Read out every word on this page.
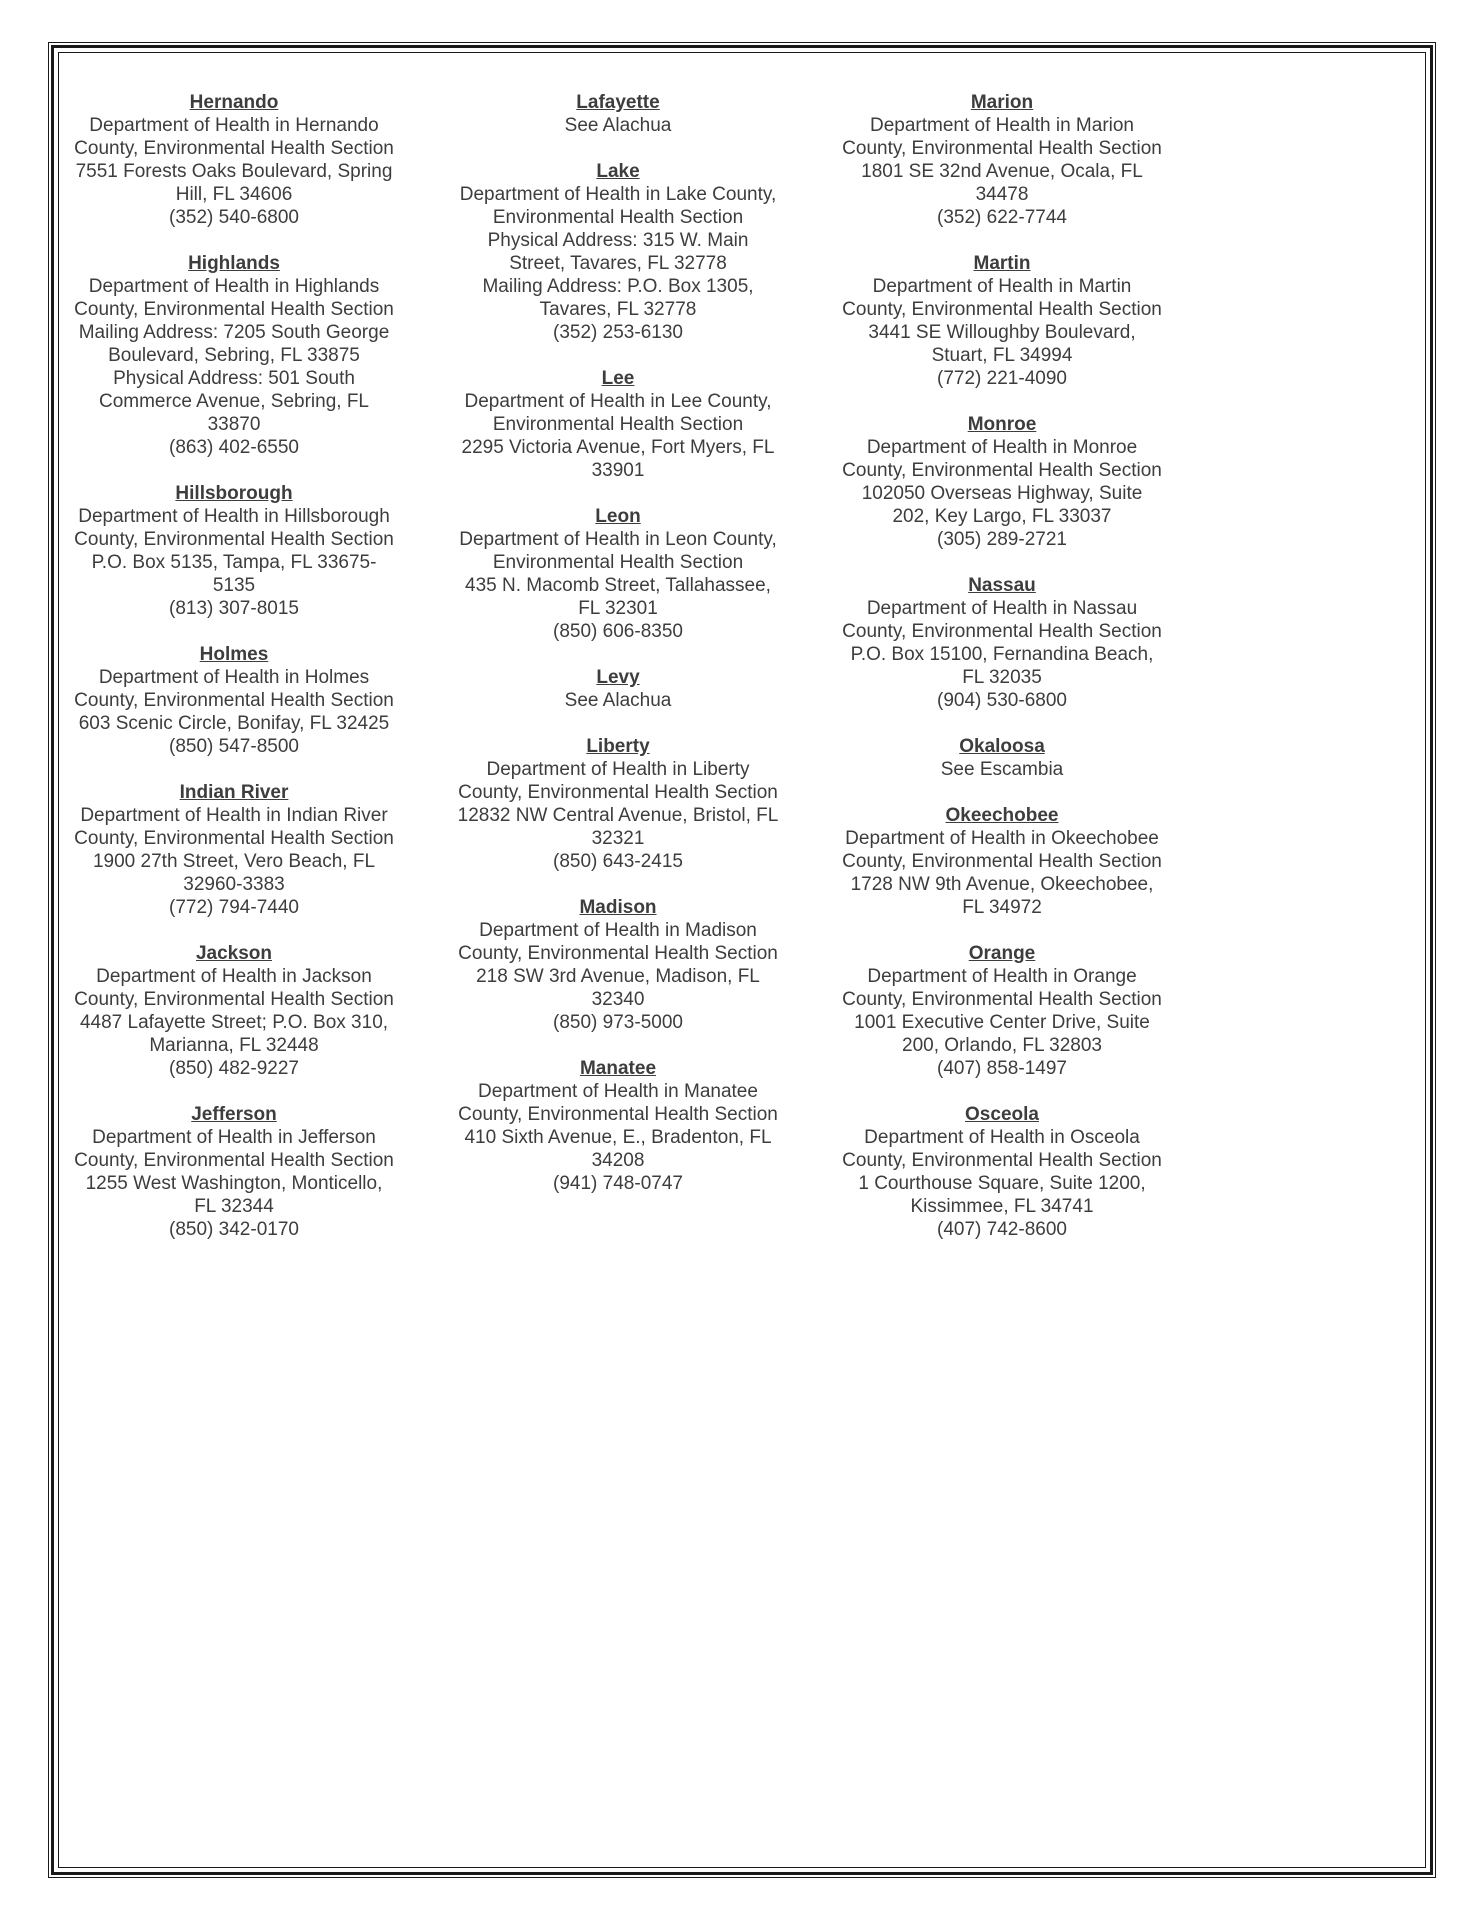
Hernando
Department of Health in Hernando County, Environmental Health Section
7551 Forests Oaks Boulevard, Spring Hill, FL 34606
(352) 540-6800
Highlands
Department of Health in Highlands County, Environmental Health Section
Mailing Address: 7205 South George Boulevard, Sebring, FL 33875
Physical Address: 501 South Commerce Avenue, Sebring, FL 33870
(863) 402-6550
Hillsborough
Department of Health in Hillsborough County, Environmental Health Section
P.O. Box 5135, Tampa, FL 33675-5135
(813) 307-8015
Holmes
Department of Health in Holmes County, Environmental Health Section
603 Scenic Circle, Bonifay, FL 32425
(850) 547-8500
Indian River
Department of Health in Indian River County, Environmental Health Section
1900 27th Street, Vero Beach, FL 32960-3383
(772) 794-7440
Jackson
Department of Health in Jackson County, Environmental Health Section
4487 Lafayette Street; P.O. Box 310, Marianna, FL 32448
(850) 482-9227
Jefferson
Department of Health in Jefferson County, Environmental Health Section
1255 West Washington, Monticello, FL 32344
(850) 342-0170
Lafayette
See Alachua
Lake
Department of Health in Lake County, Environmental Health Section
Physical Address: 315 W. Main Street, Tavares, FL 32778
Mailing Address: P.O. Box 1305, Tavares, FL 32778
(352) 253-6130
Lee
Department of Health in Lee County, Environmental Health Section
2295 Victoria Avenue, Fort Myers, FL 33901
Leon
Department of Health in Leon County, Environmental Health Section
435 N. Macomb Street, Tallahassee, FL 32301
(850) 606-8350
Levy
See Alachua
Liberty
Department of Health in Liberty County, Environmental Health Section
12832 NW Central Avenue, Bristol, FL 32321
(850) 643-2415
Madison
Department of Health in Madison County, Environmental Health Section
218 SW 3rd Avenue, Madison, FL 32340
(850) 973-5000
Manatee
Department of Health in Manatee County, Environmental Health Section
410 Sixth Avenue, E., Bradenton, FL 34208
(941) 748-0747
Marion
Department of Health in Marion County, Environmental Health Section
1801 SE 32nd Avenue, Ocala, FL 34478
(352) 622-7744
Martin
Department of Health in Martin County, Environmental Health Section
3441 SE Willoughby Boulevard, Stuart, FL 34994
(772) 221-4090
Monroe
Department of Health in Monroe County, Environmental Health Section
102050 Overseas Highway, Suite 202, Key Largo, FL 33037
(305) 289-2721
Nassau
Department of Health in Nassau County, Environmental Health Section
P.O. Box 15100, Fernandina Beach, FL 32035
(904) 530-6800
Okaloosa
See Escambia
Okeechobee
Department of Health in Okeechobee County, Environmental Health Section
1728 NW 9th Avenue, Okeechobee, FL 34972
Orange
Department of Health in Orange County, Environmental Health Section
1001 Executive Center Drive, Suite 200, Orlando, FL 32803
(407) 858-1497
Osceola
Department of Health in Osceola County, Environmental Health Section
1 Courthouse Square, Suite 1200, Kissimmee, FL 34741
(407) 742-8600
